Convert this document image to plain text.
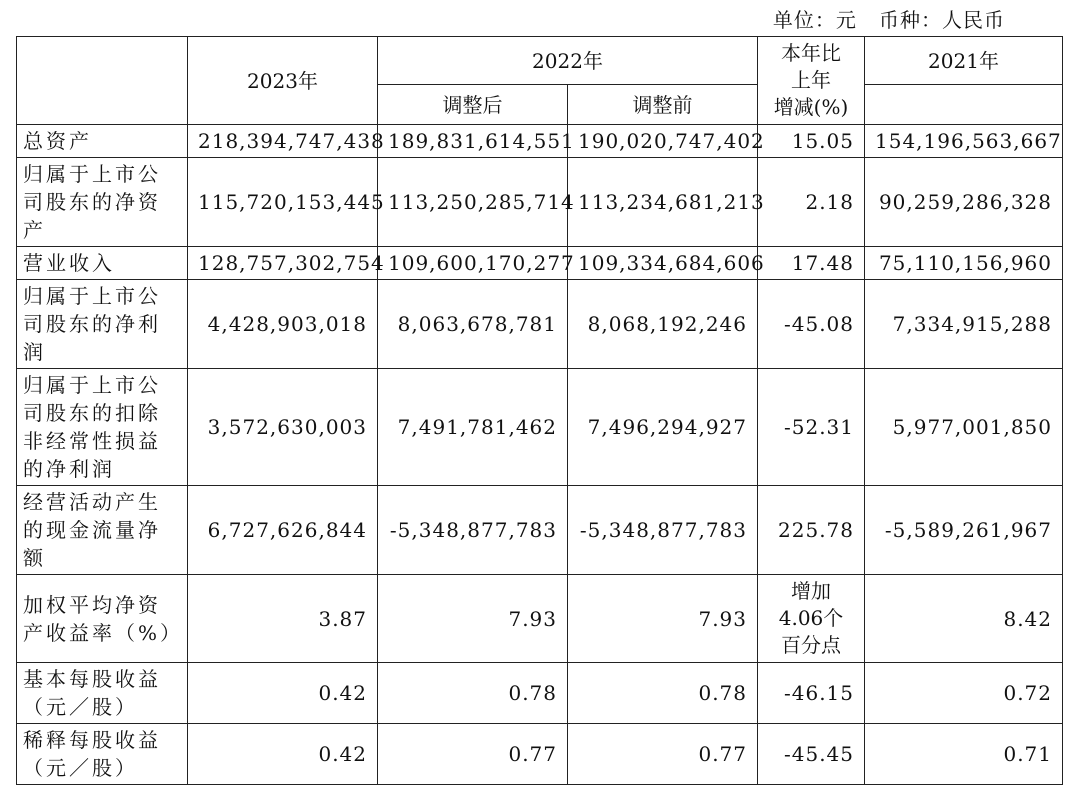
单位：元   币种：人民币
	2023年	2022年		本年比
上年
增减(%)	2021年
		调整后	调整前		

总资产	218,394,747,438	189,831,614,551	190,020,747,402	15.05	154,196,563,667

归属于上市公
司股东的净资
产	115,720,153,445	113,250,285,714	113,234,681,213	2.18	90,259,286,328

营业收入	128,757,302,754	109,600,170,277	109,334,684,606	17.48	75,110,156,960

归属于上市公
司股东的净利
润	4,428,903,018	8,063,678,781	8,068,192,246	-45.08	7,334,915,288

归属于上市公
司股东的扣除
非经常性损益
的净利润	3,572,630,003	7,491,781,462	7,496,294,927	-52.31	5,977,001,850

经营活动产生
的现金流量净
额	6,727,626,844	-5,348,877,783	-5,348,877,783	225.78	-5,589,261,967

加权平均净资
产收益率（%）	3.87	7.93	7.93	增加
4.06个
百分点	8.42

基本每股收益
（元／股）	0.42	0.78	0.78	-46.15	0.72

稀释每股收益
（元／股）	0.42	0.77	0.77	-45.45	0.71
